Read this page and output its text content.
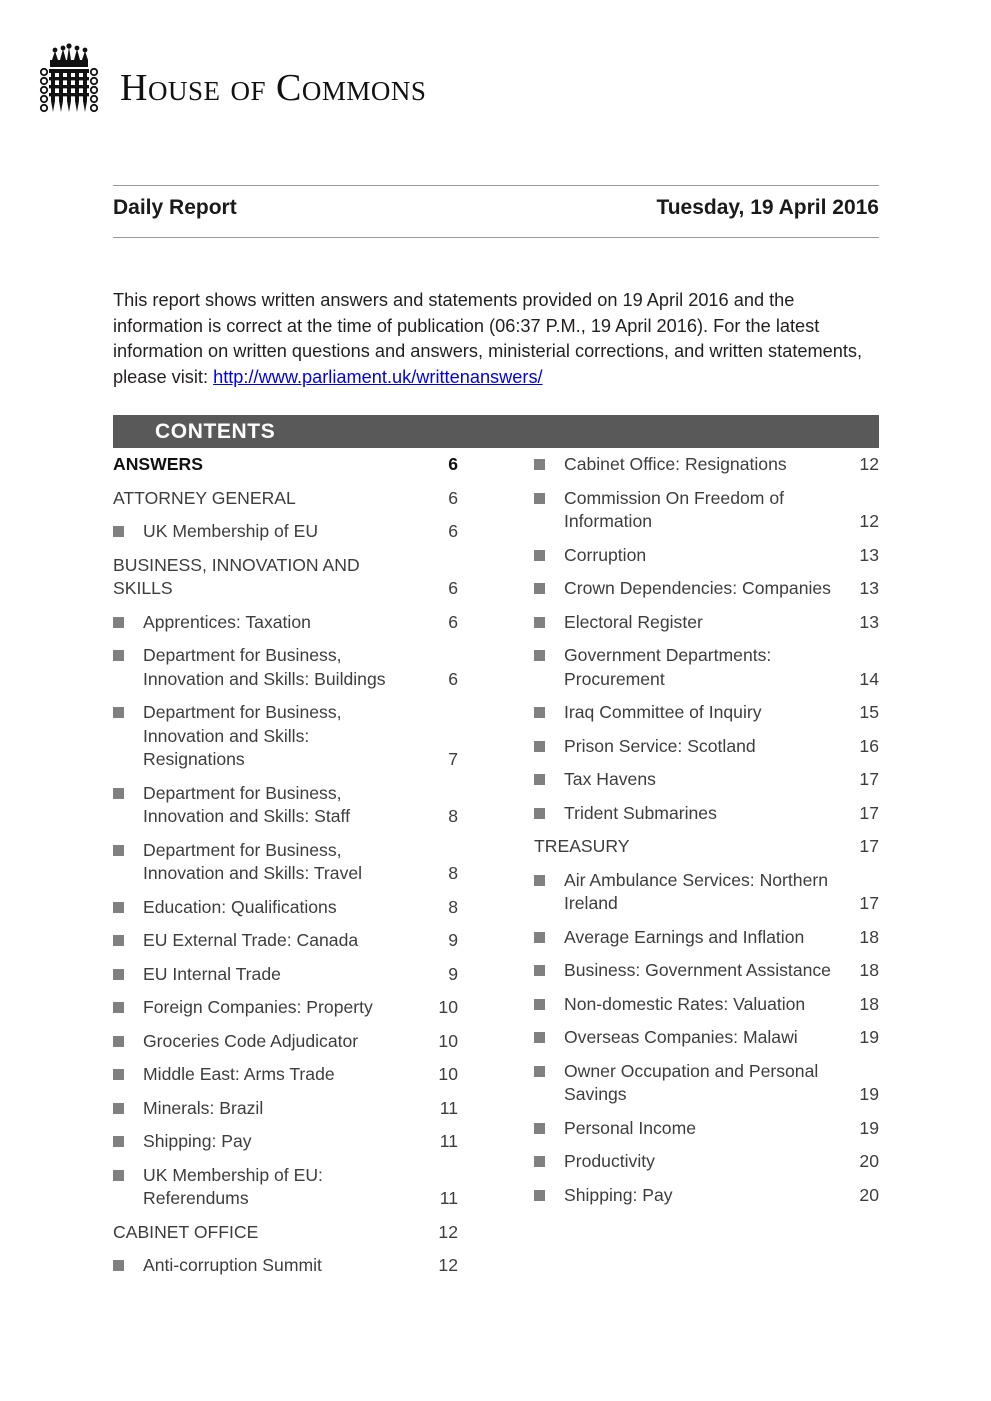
HOUSE OF COMMONS
Daily Report	Tuesday, 19 April 2016
This report shows written answers and statements provided on 19 April 2016 and the information is correct at the time of publication (06:37 P.M., 19 April 2016). For the latest information on written questions and answers, ministerial corrections, and written statements, please visit: http://www.parliament.uk/writtenanswers/
CONTENTS
ANSWERS	6
ATTORNEY GENERAL	6
UK Membership of EU	6
BUSINESS, INNOVATION AND SKILLS	6
Apprentices: Taxation	6
Department for Business, Innovation and Skills: Buildings	6
Department for Business, Innovation and Skills: Resignations	7
Department for Business, Innovation and Skills: Staff	8
Department for Business, Innovation and Skills: Travel	8
Education: Qualifications	8
EU External Trade: Canada	9
EU Internal Trade	9
Foreign Companies: Property	10
Groceries Code Adjudicator	10
Middle East: Arms Trade	10
Minerals: Brazil	11
Shipping: Pay	11
UK Membership of EU: Referendums	11
CABINET OFFICE	12
Anti-corruption Summit	12
Cabinet Office: Resignations	12
Commission On Freedom of Information	12
Corruption	13
Crown Dependencies: Companies	13
Electoral Register	13
Government Departments: Procurement	14
Iraq Committee of Inquiry	15
Prison Service: Scotland	16
Tax Havens	17
Trident Submarines	17
TREASURY	17
Air Ambulance Services: Northern Ireland	17
Average Earnings and Inflation	18
Business: Government Assistance	18
Non-domestic Rates: Valuation	18
Overseas Companies: Malawi	19
Owner Occupation and Personal Savings	19
Personal Income	19
Productivity	20
Shipping: Pay	20
